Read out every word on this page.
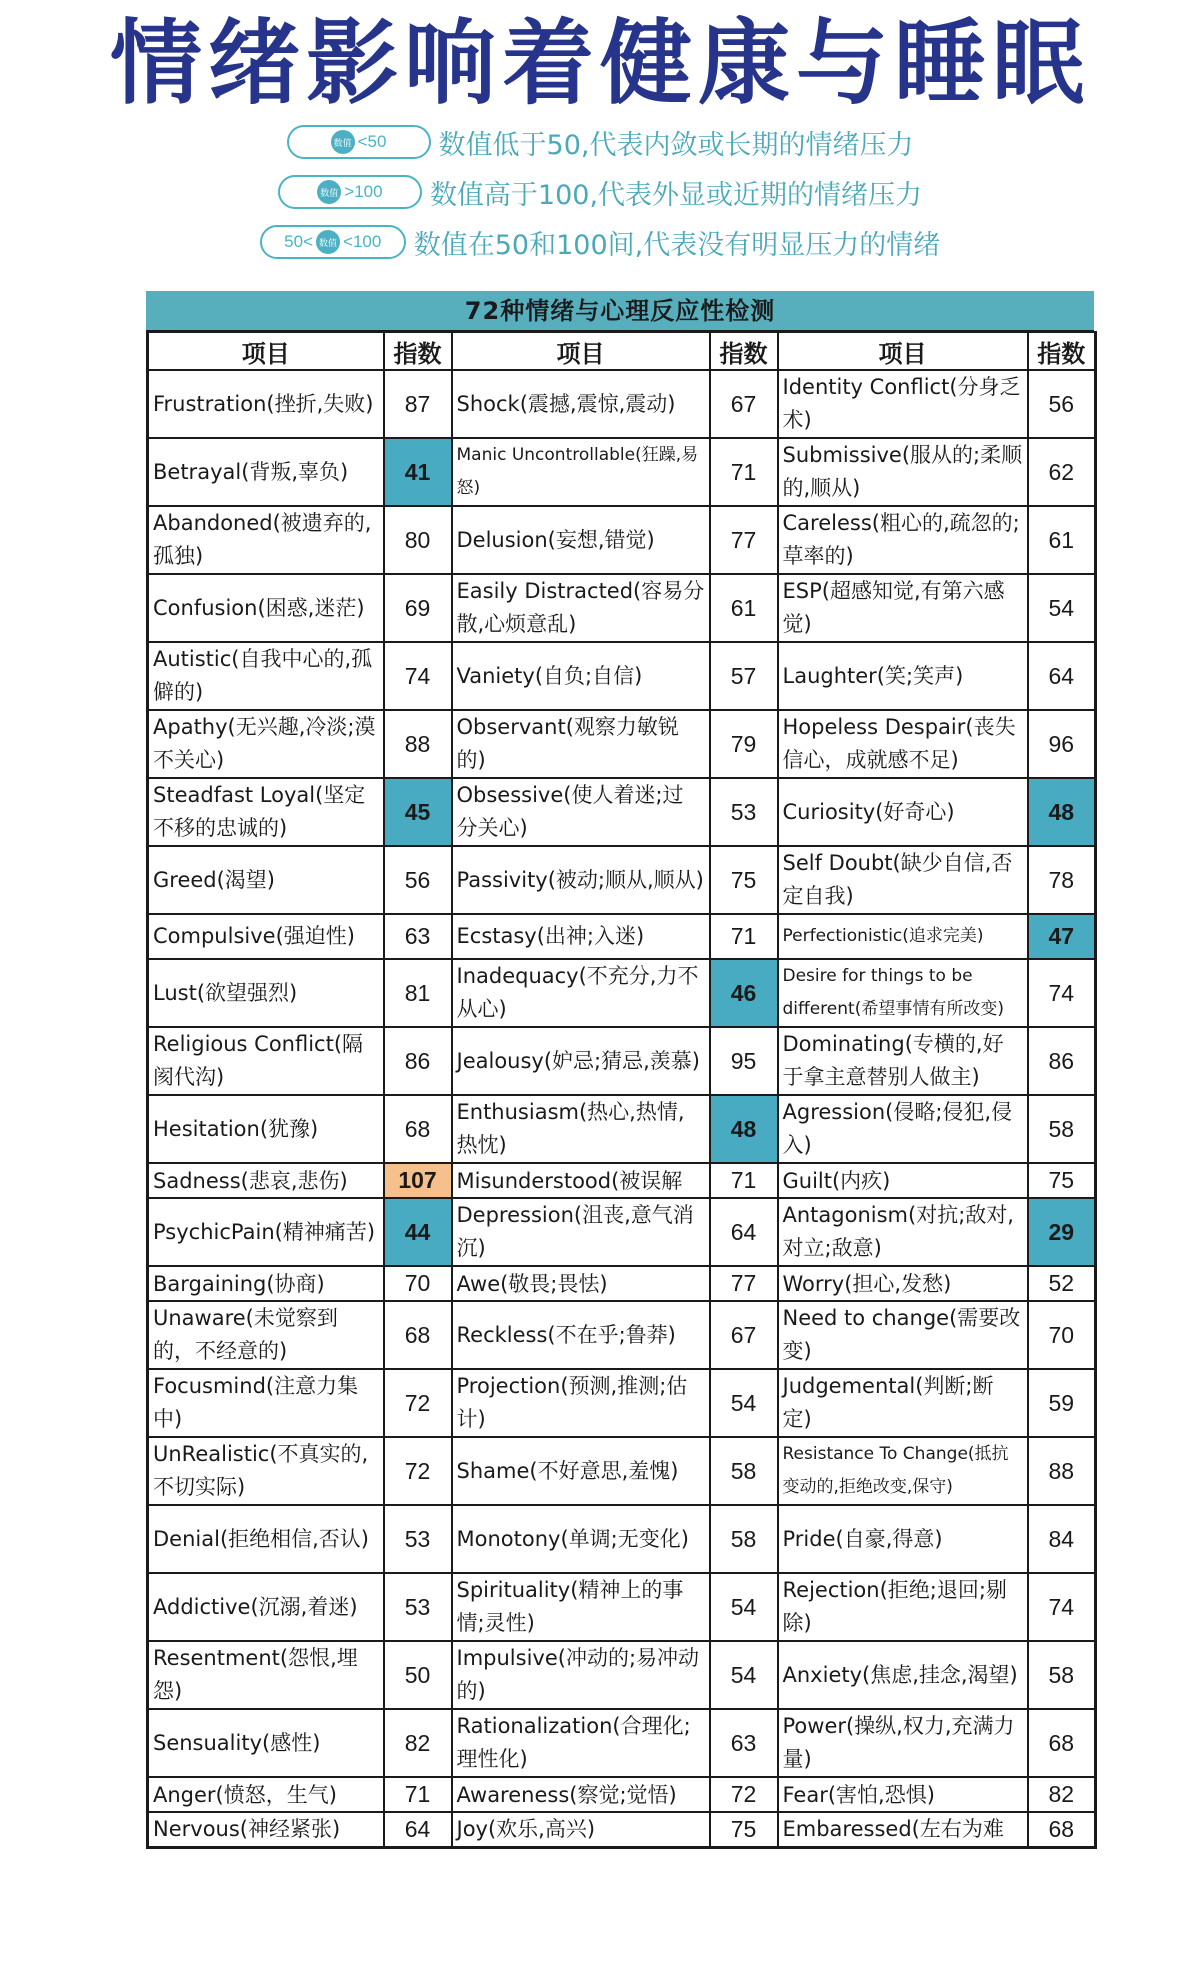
情绪影响着健康与睡眠
数值 <50 数值低于50,代表内敛或长期的情绪压力
数值 >100 数值高于100,代表外显或近期的情绪压力
50< 数值 <100 数值在50和100间,代表没有明显压力的情绪
72种情绪与心理反应性检测
项目	指数	项目	指数	项目	指数
Frustration(挫折,失败)	87	Shock(震撼,震惊,震动)	67	Identity Conflict(分身乏术)	56
Betrayal(背叛,辜负)	41	Manic Uncontrollable(狂躁,易怒)	71	Submissive(服从的;柔顺的,顺从)	62
Abandoned(被遗弃的,孤独)	80	Delusion(妄想,错觉)	77	Careless(粗心的,疏忽的;草率的)	61
Confusion(困惑,迷茫)	69	Easily Distracted(容易分散,心烦意乱)	61	ESP(超感知觉,有第六感觉)	54
Autistic(自我中心的,孤僻的)	74	Vaniety(自负;自信)	57	Laughter(笑;笑声)	64
Apathy(无兴趣,冷淡;漠不关心)	88	Observant(观察力敏锐的)	79	Hopeless Despair(丧失信心，成就感不足)	96
Steadfast Loyal(坚定不移的忠诚的)	45	Obsessive(使人着迷;过分关心)	53	Curiosity(好奇心)	48
Greed(渴望)	56	Passivity(被动;顺从,顺从)	75	Self Doubt(缺少自信,否定自我)	78
Compulsive(强迫性)	63	Ecstasy(出神;入迷)	71	Perfectionistic(追求完美)	47
Lust(欲望强烈)	81	Inadequacy(不充分,力不从心)	46	Desire for things to be different(希望事情有所改变)	74
Religious Conflict(隔阂代沟)	86	Jealousy(妒忌;猜忌,羡慕)	95	Dominating(专横的,好于拿主意替别人做主)	86
Hesitation(犹豫)	68	Enthusiasm(热心,热情,热忱)	48	Agression(侵略;侵犯,侵入)	58
Sadness(悲哀,悲伤)	107	Misunderstood(被误解	71	Guilt(内疚)	75
PsychicPain(精神痛苦)	44	Depression(沮丧,意气消沉)	64	Antagonism(对抗;敌对,对立;敌意)	29
Bargaining(协商)	70	Awe(敬畏;畏怯)	77	Worry(担心,发愁)	52
Unaware(未觉察到的，不经意的)	68	Reckless(不在乎;鲁莽)	67	Need to change(需要改变)	70
Focusmind(注意力集中)	72	Projection(预测,推测;估计)	54	Judgemental(判断;断定)	59
UnRealistic(不真实的,不切实际)	72	Shame(不好意思,羞愧)	58	Resistance To Change(抵抗变动的,拒绝改变,保守)	88
Denial(拒绝相信,否认)	53	Monotony(单调;无变化)	58	Pride(自豪,得意)	84
Addictive(沉溺,着迷)	53	Spirituality(精神上的事情;灵性)	54	Rejection(拒绝;退回;剔除)	74
Resentment(怨恨,埋怨)	50	Impulsive(冲动的;易冲动的)	54	Anxiety(焦虑,挂念,渴望)	58
Sensuality(感性)	82	Rationalization(合理化;理性化)	63	Power(操纵,权力,充满力量)	68
Anger(愤怒，生气)	71	Awareness(察觉;觉悟)	72	Fear(害怕,恐惧)	82
Nervous(神经紧张)	64	Joy(欢乐,高兴)	75	Embaressed(左右为难	68
